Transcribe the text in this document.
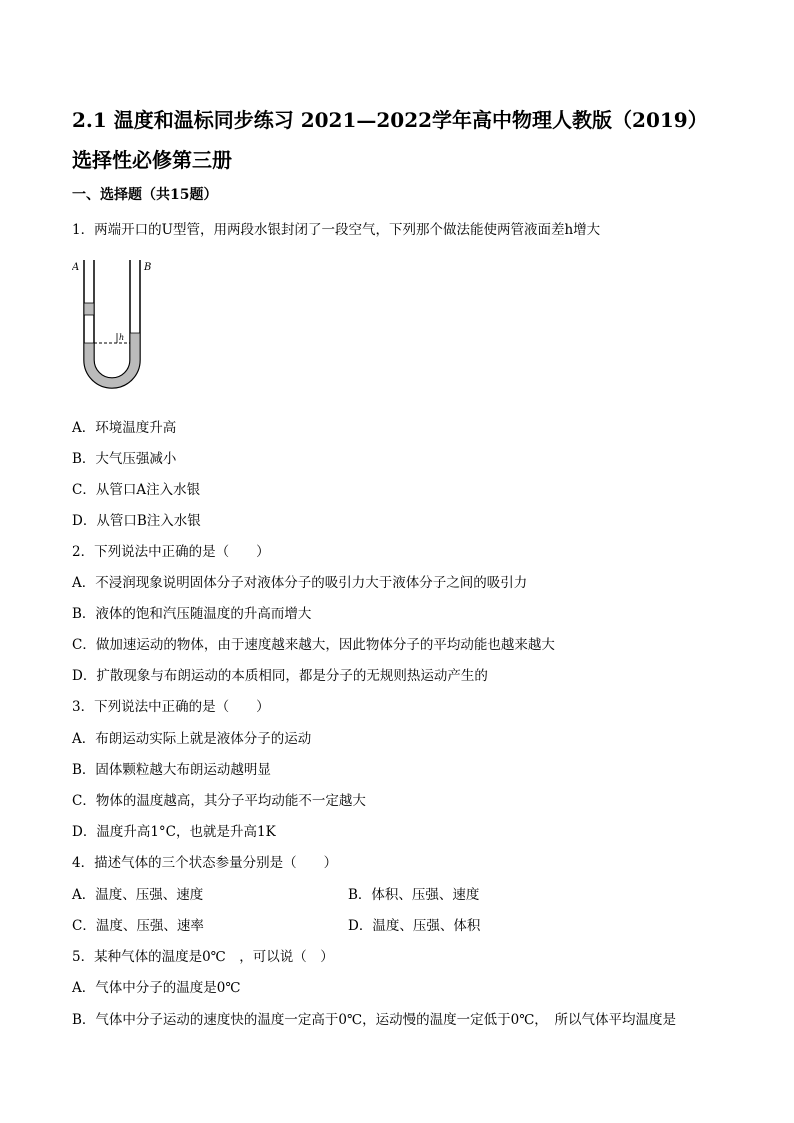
2.1 温度和温标同步练习 2021—2022学年高中物理人教版（2019）选择性必修第三册
一、选择题（共15题）
1．两端开口的U型管，用两段水银封闭了一段空气，下列那个做法能使两管液面差h增大
A	B
h
A．环境温度升高
B．大气压强减小
C．从管口A注入水银
D．从管口B注入水银
2．下列说法中正确的是（　　）
A．不浸润现象说明固体分子对液体分子的吸引力大于液体分子之间的吸引力
B．液体的饱和汽压随温度的升高而增大
C．做加速运动的物体，由于速度越来越大，因此物体分子的平均动能也越来越大
D．扩散现象与布朗运动的本质相同，都是分子的无规则热运动产生的
3．下列说法中正确的是（　　）
A．布朗运动实际上就是液体分子的运动
B．固体颗粒越大布朗运动越明显
C．物体的温度越高，其分子平均动能不一定越大
D．温度升高1°C，也就是升高1K
4．描述气体的三个状态参量分别是（　　）
A．温度、压强、速度	B．体积、压强、速度
C．温度、压强、速率	D．温度、压强、体积
5．某种气体的温度是0℃　，可以说（　）
A．气体中分子的温度是0℃
B．气体中分子运动的速度快的温度一定高于0℃，运动慢的温度一定低于0℃，　所以气体平均温度是
